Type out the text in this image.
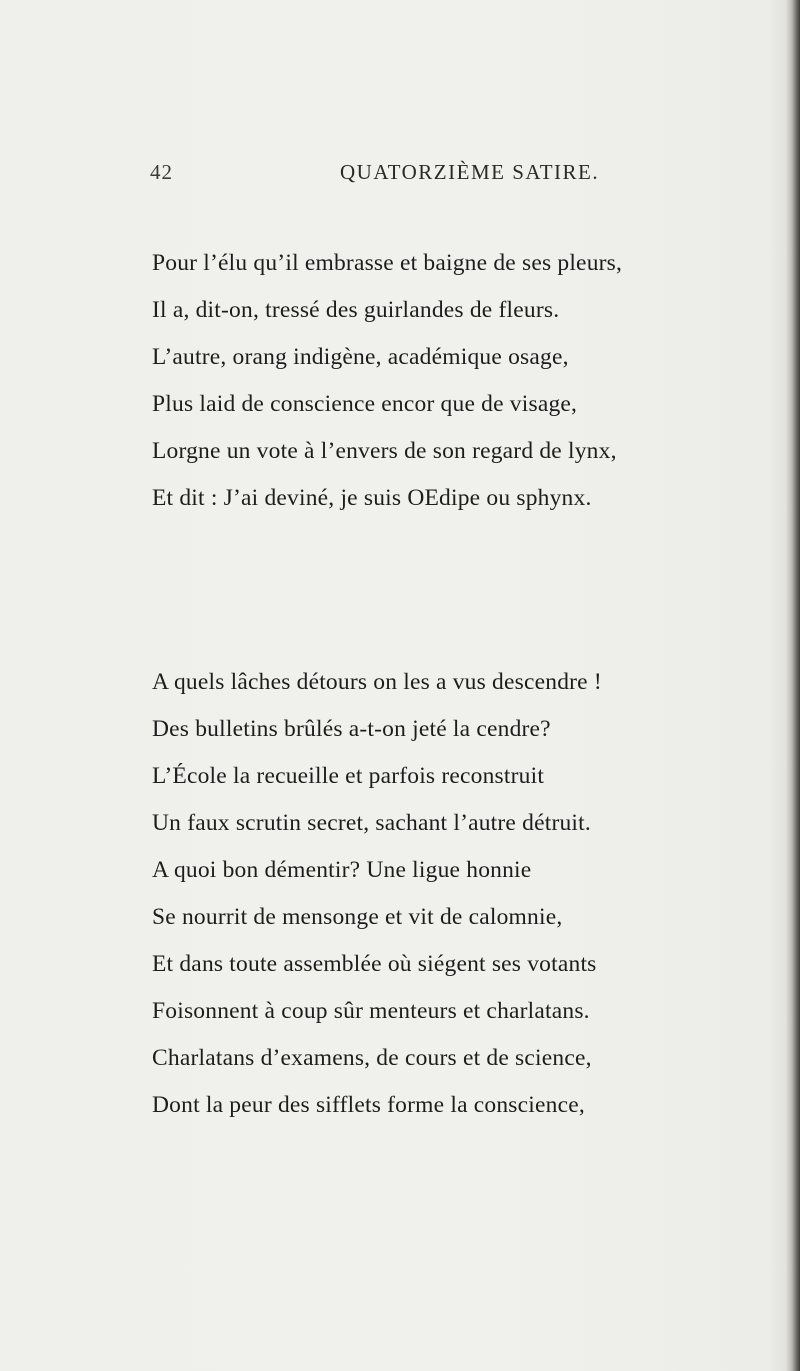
42	QUATORZIÈME SATIRE.
Pour l’élu qu’il embrasse et baigne de ses pleurs,
Il a, dit-on, tressé des guirlandes de fleurs.
L’autre, orang indigène, académique osage,
Plus laid de conscience encor que de visage,
Lorgne un vote à l’envers de son regard de lynx,
Et dit : J’ai deviné, je suis OEdipe ou sphynx.
A quels lâches détours on les a vus descendre !
Des bulletins brûlés a-t-on jeté la cendre?
L’École la recueille et parfois reconstruit
Un faux scrutin secret, sachant l’autre détruit.
A quoi bon démentir? Une ligue honnie
Se nourrit de mensonge et vit de calomnie,
Et dans toute assemblée où siégent ses votants
Foisonnent à coup sûr menteurs et charlatans.
Charlatans d’examens, de cours et de science,
Dont la peur des sifflets forme la conscience,
